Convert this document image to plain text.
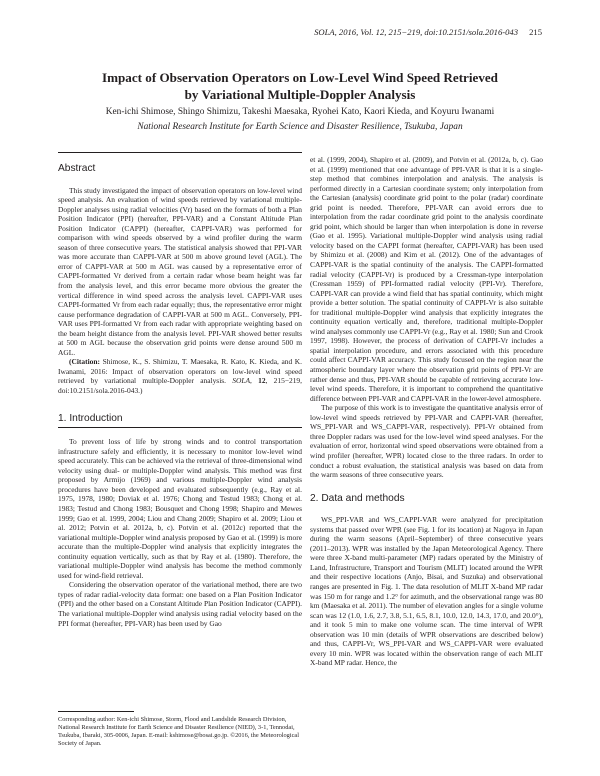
SOLA, 2016, Vol. 12, 215−219, doi:10.2151/sola.2016-043 215
Impact of Observation Operators on Low-Level Wind Speed Retrieved
by Variational Multiple-Doppler Analysis
Ken-ichi Shimose, Shingo Shimizu, Takeshi Maesaka, Ryohei Kato, Kaori Kieda, and Koyuru Iwanami
National Research Institute for Earth Science and Disaster Resilience, Tsukuba, Japan
Abstract

This study investigated the impact of observation operators on low-level wind speed analysis. An evaluation of wind speeds retrieved by variational multiple-Doppler analyses using radial velocities (Vr) based on the formats of both a Plan Position Indicator (PPI) (hereafter, PPI-VAR) and a Constant Altitude Plan Position Indicator (CAPPI) (hereafter, CAPPI-VAR) was performed for comparison with wind speeds observed by a wind profiler during the warm season of three consecutive years. The statistical analysis showed that PPI-VAR was more accurate than CAPPI-VAR at 500 m above ground level (AGL). The error of CAPPI-VAR at 500 m AGL was caused by a representative error of CAPPI-formatted Vr derived from a certain radar whose beam height was far from the analysis level, and this error became more obvious the greater the vertical difference in wind speed across the analysis level. CAPPI-VAR uses CAPPI-formatted Vr from each radar equally; thus, the representative error might cause performance degradation of CAPPI-VAR at 500 m AGL. Conversely, PPI-VAR uses PPI-formatted Vr from each radar with appropriate weighting based on the beam height distance from the analysis level. PPI-VAR showed better results at 500 m AGL because the observation grid points were dense around 500 m AGL.

(Citation: Shimose, K., S. Shimizu, T. Maesaka, R. Kato, K. Kieda, and K. Iwanami, 2016: Impact of observation operators on low-level wind speed retrieved by variational multiple-Doppler analysis. SOLA, 12, 215−219, doi:10.2151/sola.2016-043.)

1. Introduction

To prevent loss of life by strong winds and to control transportation infrastructure safely and efficiently, it is necessary to monitor low-level wind speed accurately. This can be achieved via the retrieval of three-dimensional wind velocity using dual- or multiple-Doppler wind analysis. This method was first proposed by Armijo (1969) and various multiple-Doppler wind analysis procedures have been developed and evaluated subsequently (e.g., Ray et al. 1975, 1978, 1980; Dovіak et al. 1976; Chong and Testud 1983; Chong et al. 1983; Testud and Chong 1983; Bousquet and Chong 1998; Shapiro and Mewes 1999; Gao et al. 1999, 2004; Liou and Chang 2009; Shapiro et al. 2009; Liou et al. 2012; Potvin et al. 2012a, b, c). Potvin et al. (2012c) reported that the variational multiple-Doppler wind analysis proposed by Gao et al. (1999) is more accurate than the multiple-Doppler wind analysis that explicitly integrates the continuity equation vertically, such as that by Ray et al. (1980). Therefore, the variational multiple-Doppler wind analysis has become the method commonly used for wind-field retrieval.

Considering the observation operator of the variational method, there are two types of radar radial-velocity data format: one based on a Plan Position Indicator (PPI) and the other based on a Constant Altitude Plan Position Indicator (CAPPI). The variational multiple-Doppler wind analysis using radial velocity based on the PPI format (hereafter, PPI-VAR) has been used by Gao

Corresponding author: Ken-ichi Shimose, Storm, Flood and Landslide Research Division, National Research Institute for Earth Science and Disaster Resilience (NIED), 3-1, Tennodai, Tsukuba, Ibaraki, 305-0006, Japan. E-mail: kshimose@bosai.go.jp. ©2016, the Meteorological Society of Japan.

et al. (1999, 2004), Shapiro et al. (2009), and Potvin et al. (2012a, b, c). Gao et al. (1999) mentioned that one advantage of PPI-VAR is that it is a single-step method that combines interpolation and analysis. The analysis is performed directly in a Cartesian coordinate system; only interpolation from the Cartesian (analysis) coordinate grid point to the polar (radar) coordinate grid point is needed. Therefore, PPI-VAR can avoid errors due to interpolation from the radar coordinate grid point to the analysis coordinate grid point, which should be larger than when interpolation is done in reverse (Gao et al. 1995). Variational multiple-Doppler wind analysis using radial velocity based on the CAPPI format (hereafter, CAPPI-VAR) has been used by Shimizu et al. (2008) and Kim et al. (2012). One of the advantages of CAPPI-VAR is the spatial continuity of the analysis. The CAPPI-formatted radial velocity (CAPPI-Vr) is produced by a Cressman-type interpolation (Cressman 1959) of PPI-formatted radial velocity (PPI-Vr). Therefore, CAPPI-VAR can provide a wind field that has spatial continuity, which might provide a better solution. The spatial continuity of CAPPI-Vr is also suitable for traditional multiple-Doppler wind analysis that explicitly integrates the continuity equation vertically and, therefore, traditional multiple-Doppler wind analyses commonly use CAPPI-Vr (e.g., Ray et al. 1980; Sun and Crook 1997, 1998). However, the process of derivation of CAPPI-Vr includes a spatial interpolation procedure, and errors associated with this procedure could affect CAPPI-VAR accuracy. This study focused on the region near the atmospheric boundary layer where the observation grid points of PPI-Vr are rather dense and thus, PPI-VAR should be capable of retrieving accurate low-level wind speeds. Therefore, it is important to comprehend the quantitative difference between PPI-VAR and CAPPI-VAR in the lower-level atmosphere.

The purpose of this work is to investigate the quantitative analysis error of low-level wind speeds retrieved by PPI-VAR and CAPPI-VAR (hereafter, WS_PPI-VAR and WS_CAPPI-VAR, respectively). PPI-Vr obtained from three Doppler radars was used for the low-level wind speed analyses. For the evaluation of error, horizontal wind speed observations were obtained from a wind profiler (hereafter, WPR) located close to the three radars. In order to conduct a robust evaluation, the statistical analysis was based on data from the warm seasons of three consecutive years.

2. Data and methods

WS_PPI-VAR and WS_CAPPI-VAR were analyzed for precipitation systems that passed over WPR (see Fig. 1 for its location) at Nagoya in Japan during the warm seasons (April–September) of three consecutive years (2011–2013). WPR was installed by the Japan Meteorological Agency. There were three X-band multi-parameter (MP) radars operated by the Ministry of Land, Infrastructure, Transport and Tourism (MLIT) located around the WPR and their respective locations (Anjo, Bisai, and Suzuka) and observational ranges are presented in Fig. 1. The data resolution of MLIT X-band MP radar was 150 m for range and 1.2° for azimuth, and the observational range was 80 km (Maesaka et al. 2011). The number of elevation angles for a single volume scan was 12 (1.0, 1.6, 2.7, 3.8, 5.1, 6.5, 8.1, 10.0, 12.0, 14.3, 17.0, and 20.0°), and it took 5 min to make one volume scan. The time interval of WPR observation was 10 min (details of WPR observations are described below) and thus, CAPPI-Vr, WS_PPI-VAR and WS_CAPPI-VAR were evaluated every 10 min. WPR was located within the observation range of each MLIT X-band MP radar. Hence, the
